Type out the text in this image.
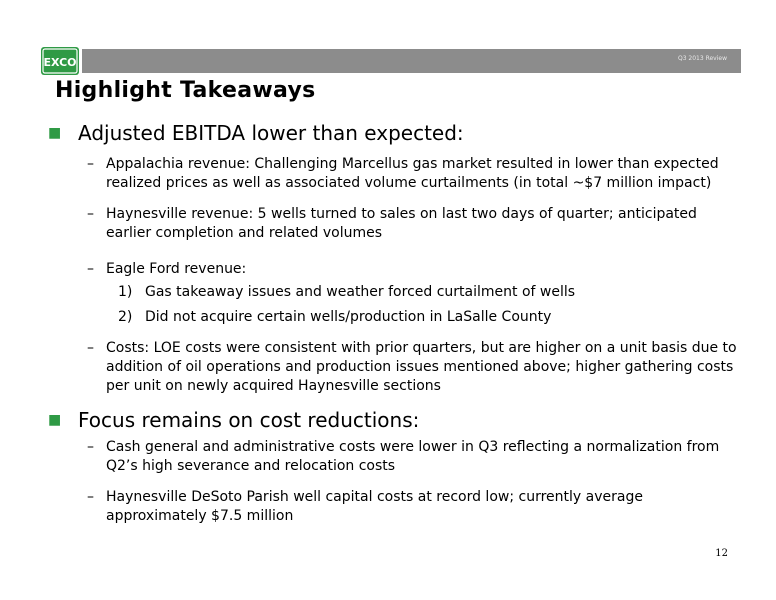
EXCO	Q3 2013 Review
Highlight Takeaways
■ Adjusted EBITDA lower than expected:
– Appalachia revenue: Challenging Marcellus gas market resulted in lower than expected realized prices as well as associated volume curtailments (in total ~$7 million impact)
– Haynesville revenue: 5 wells turned to sales on last two days of quarter; anticipated earlier completion and related volumes
– Eagle Ford revenue:
1) Gas takeaway issues and weather forced curtailment of wells
2) Did not acquire certain wells/production in LaSalle County
– Costs: LOE costs were consistent with prior quarters, but are higher on a unit basis due to addition of oil operations and production issues mentioned above; higher gathering costs per unit on newly acquired Haynesville sections
■ Focus remains on cost reductions:
– Cash general and administrative costs were lower in Q3 reflecting a normalization from Q2’s high severance and relocation costs
– Haynesville DeSoto Parish well capital costs at record low; currently average approximately $7.5 million
12
